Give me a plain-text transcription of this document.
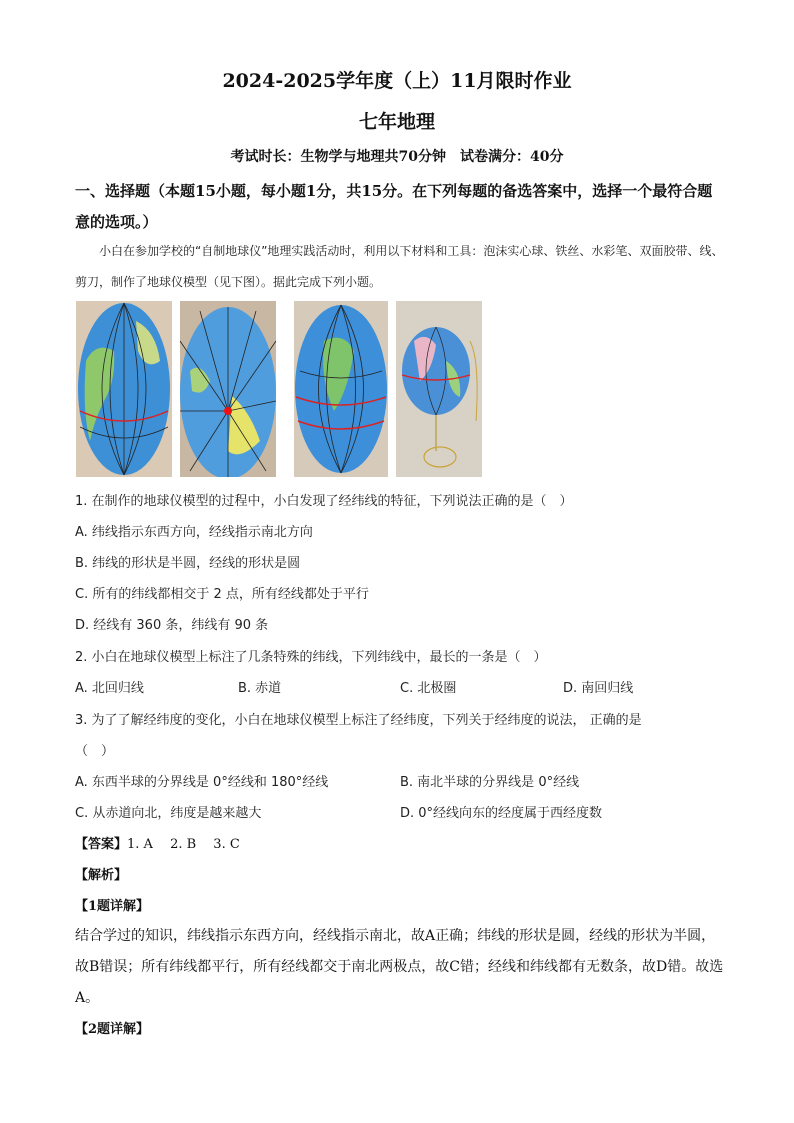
2024-2025学年度（上）11月限时作业
七年地理
考试时长：生物学与地理共70分钟　试卷满分：40分
一、选择题（本题15小题，每小题1分，共15分。在下列每题的备选答案中，选择一个最符合题意的选项。）
小白在参加学校的“自制地球仪”地理实践活动时，利用以下材料和工具：泡沫实心球、铁丝、水彩笔、双面胶带、线、剪刀，制作了地球仪模型（见下图）。据此完成下列小题。
1. 在制作的地球仪模型的过程中，小白发现了经纬线的特征，下列说法正确的是（　）
A. 纬线指示东西方向，经线指示南北方向
B. 纬线的形状是半圆，经线的形状是圆
C. 所有的纬线都相交于 2 点，所有经线都处于平行
D. 经线有 360 条，纬线有 90 条
2. 小白在地球仪模型上标注了几条特殊的纬线，下列纬线中，最长的一条是（　）
A. 北回归线	B. 赤道	C. 北极圈	D. 南回归线
3. 为了了解经纬度的变化，小白在地球仪模型上标注了经纬度，下列关于经纬度的说法， 正确的是
（　）
A. 东西半球的分界线是 0°经线和 180°经线	B. 南北半球的分界线是 0°经线
C. 从赤道向北，纬度是越来越大	D. 0°经线向东的经度属于西经度数
【答案】1. A　 2. B　 3. C
【解析】
【1题详解】
结合学过的知识，纬线指示东西方向，经线指示南北，故A正确；纬线的形状是圆，经线的形状为半圆，故B错误；所有纬线都平行，所有经线都交于南北两极点，故C错；经线和纬线都有无数条，故D错。故选A。
【2题详解】
